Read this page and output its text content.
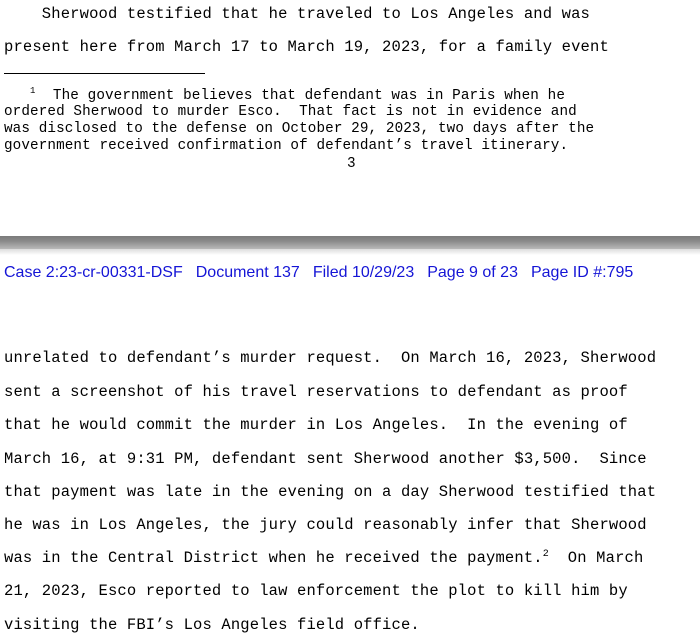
Sherwood testified that he traveled to Los Angeles and was
present here from March 17 to March 19, 2023, for a family event
$^1$  The government believes that defendant was in Paris when he
ordered Sherwood to murder Esco.  That fact is not in evidence and
was disclosed to the defense on October 29, 2023, two days after the
government received confirmation of defendant’s travel itinerary.
3
Case 2:23-cr-00331-DSF Document 137 Filed 10/29/23 Page 9 of 23 Page ID #:795
unrelated to defendant’s murder request.  On March 16, 2023, Sherwood
sent a screenshot of his travel reservations to defendant as proof
that he would commit the murder in Los Angeles.  In the evening of
March 16, at 9:31 PM, defendant sent Sherwood another $3,500.  Since
that payment was late in the evening on a day Sherwood testified that
he was in Los Angeles, the jury could reasonably infer that Sherwood
was in the Central District when he received the payment.$^2$  On March
21, 2023, Esco reported to law enforcement the plot to kill him by
visiting the FBI’s Los Angeles field office.
